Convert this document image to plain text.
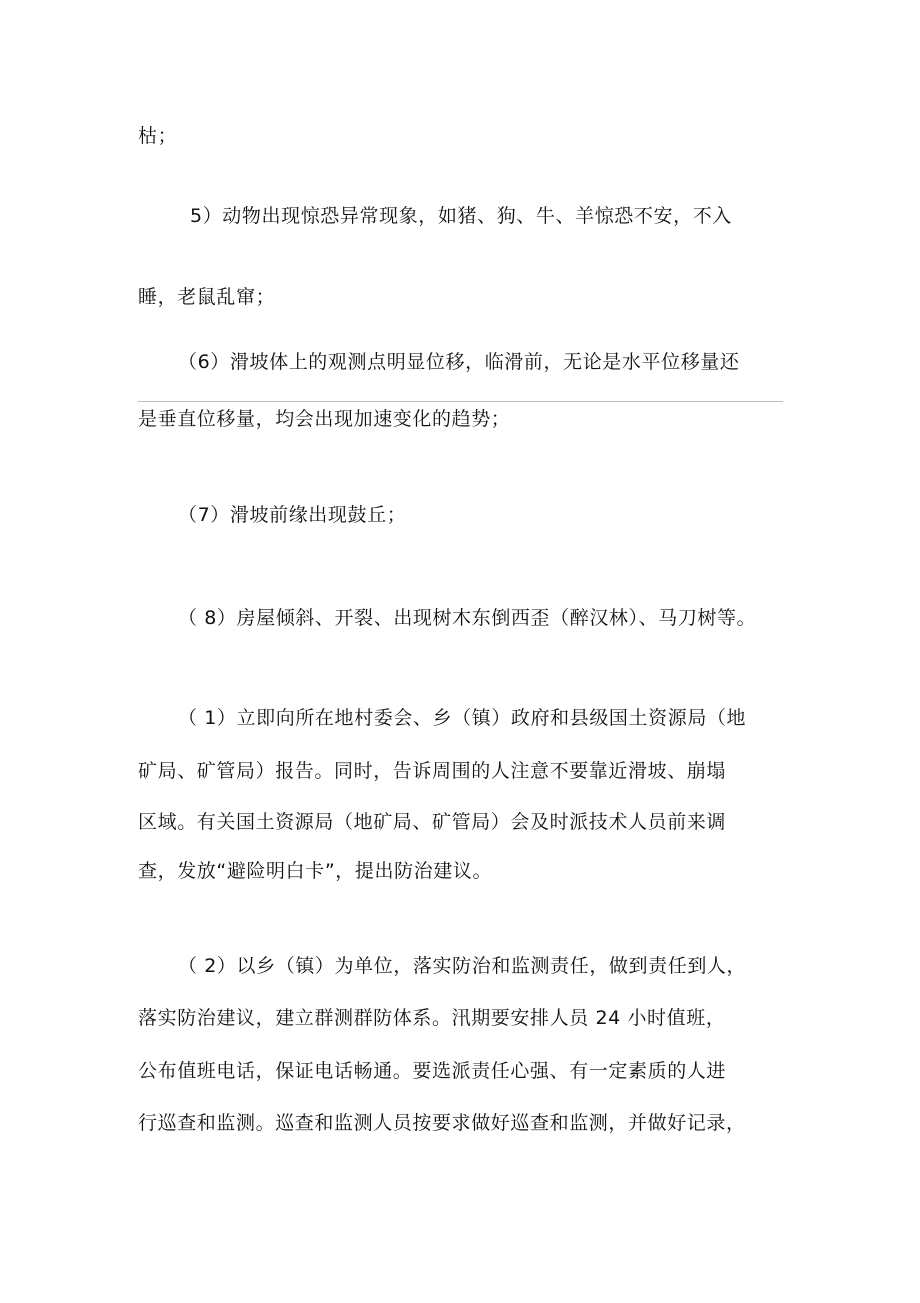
枯；
5）动物出现惊恐异常现象，如猪、狗、牛、羊惊恐不安，不入
睡，老鼠乱窜；
（6）滑坡体上的观测点明显位移，临滑前，无论是水平位移量还
是垂直位移量，均会出现加速变化的趋势；
（7）滑坡前缘出现鼓丘；
（ 8）房屋倾斜、开裂、出现树木东倒西歪（醉汉林）、马刀树等。
（ 1）立即向所在地村委会、乡（镇）政府和县级国土资源局（地
矿局、矿管局）报告。同时，告诉周围的人注意不要靠近滑坡、崩塌
区域。有关国土资源局（地矿局、矿管局）会及时派技术人员前来调
查，发放“避险明白卡”，提出防治建议。
（ 2）以乡（镇）为单位，落实防治和监测责任，做到责任到人，
落实防治建议，建立群测群防体系。汛期要安排人员 24 小时值班，
公布值班电话，保证电话畅通。要选派责任心强、有一定素质的人进
行巡查和监测。巡查和监测人员按要求做好巡查和监测，并做好记录，
